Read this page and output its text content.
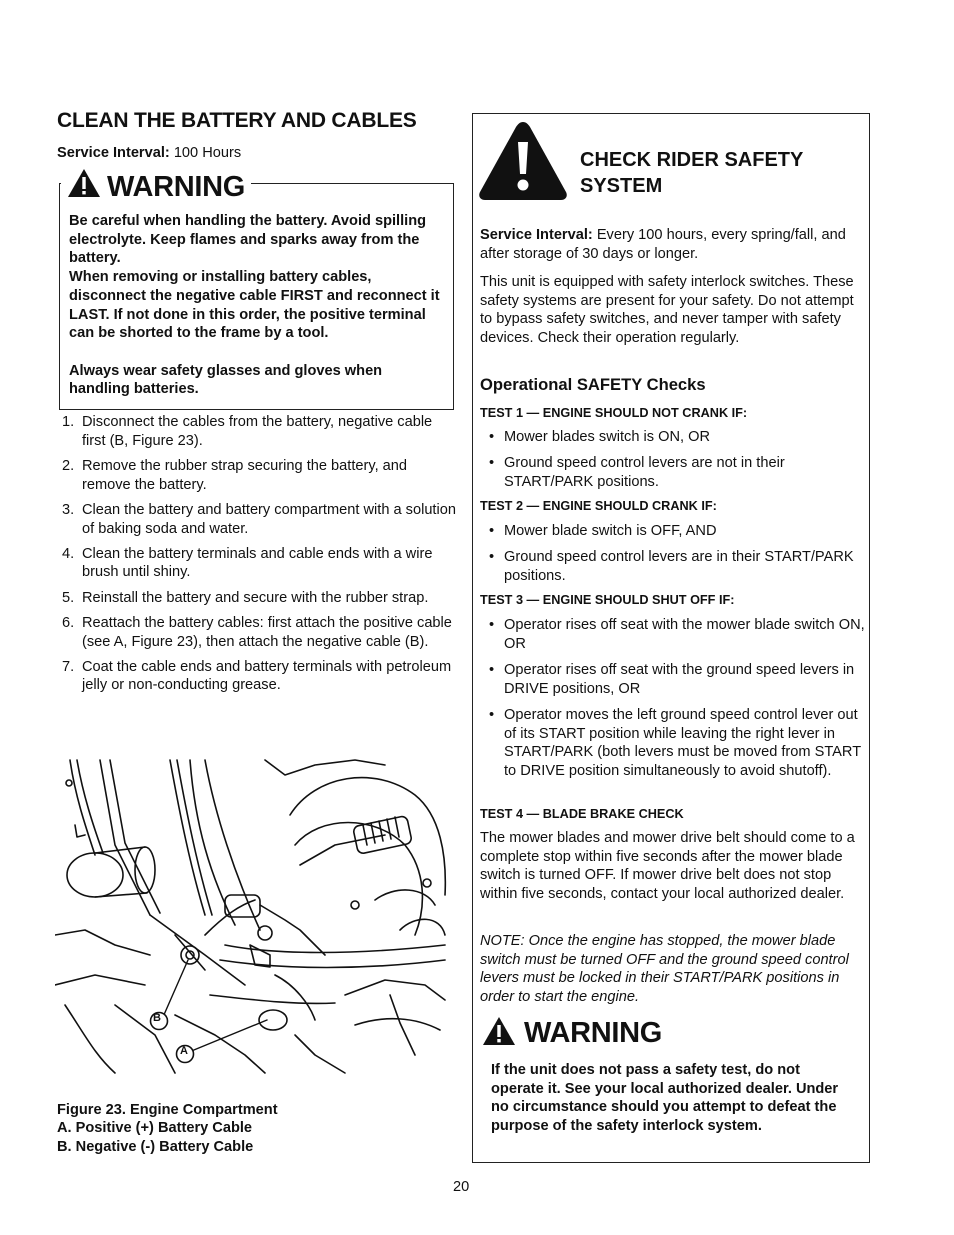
CLEAN THE BATTERY AND CABLES
Service Interval: 100 Hours
WARNING
Be careful when handling the battery. Avoid spilling electrolyte. Keep flames and sparks away from the battery.
When removing or installing battery cables, disconnect the negative cable FIRST and reconnect it LAST. If not done in this order, the positive terminal can be shorted to the frame by a tool.
Always wear safety glasses and gloves when handling batteries.
1. Disconnect the cables from the battery, negative cable first (B, Figure 23).
2. Remove the rubber strap securing the battery, and remove the battery.
3. Clean the battery and battery compartment with a solution of baking soda and water.
4. Clean the battery terminals and cable ends with a wire brush until shiny.
5. Reinstall the battery and secure with the rubber strap.
6. Reattach the battery cables: first attach the positive cable (see A, Figure 23), then attach the negative cable (B).
7. Coat the cable ends and battery terminals with petroleum jelly or non-conducting grease.
B
A
Figure 23. Engine Compartment
A. Positive (+) Battery Cable
B. Negative (-) Battery Cable
CHECK RIDER SAFETY
SYSTEM
Service Interval: Every 100 hours, every spring/fall, and after storage of 30 days or longer.
This unit is equipped with safety interlock switches. These safety systems are present for your safety. Do not attempt to bypass safety switches, and never tamper with safety devices. Check their operation regularly.
Operational SAFETY Checks
TEST 1 — ENGINE SHOULD NOT CRANK IF:
• Mower blades switch is ON, OR
• Ground speed control levers are not in their START/PARK positions.
TEST 2 — ENGINE SHOULD CRANK IF:
• Mower blade switch is OFF, AND
• Ground speed control levers are in their START/PARK positions.
TEST 3 — ENGINE SHOULD SHUT OFF IF:
• Operator rises off seat with the mower blade switch ON, OR
• Operator rises off seat with the ground speed levers in DRIVE positions, OR
• Operator moves the left ground speed control lever out of its START position while leaving the right lever in START/PARK (both levers must be moved from START to DRIVE position simultaneously to avoid shutoff).
TEST 4 — BLADE BRAKE CHECK
The mower blades and mower drive belt should come to a complete stop within five seconds after the mower blade switch is turned OFF. If mower drive belt does not stop within five seconds, contact your local authorized dealer.
NOTE: Once the engine has stopped, the mower blade switch must be turned OFF and the ground speed control levers must be locked in their START/PARK positions in order to start the engine.
WARNING
If the unit does not pass a safety test, do not operate it. See your local authorized dealer. Under no circumstance should you attempt to defeat the purpose of the safety interlock system.
20
